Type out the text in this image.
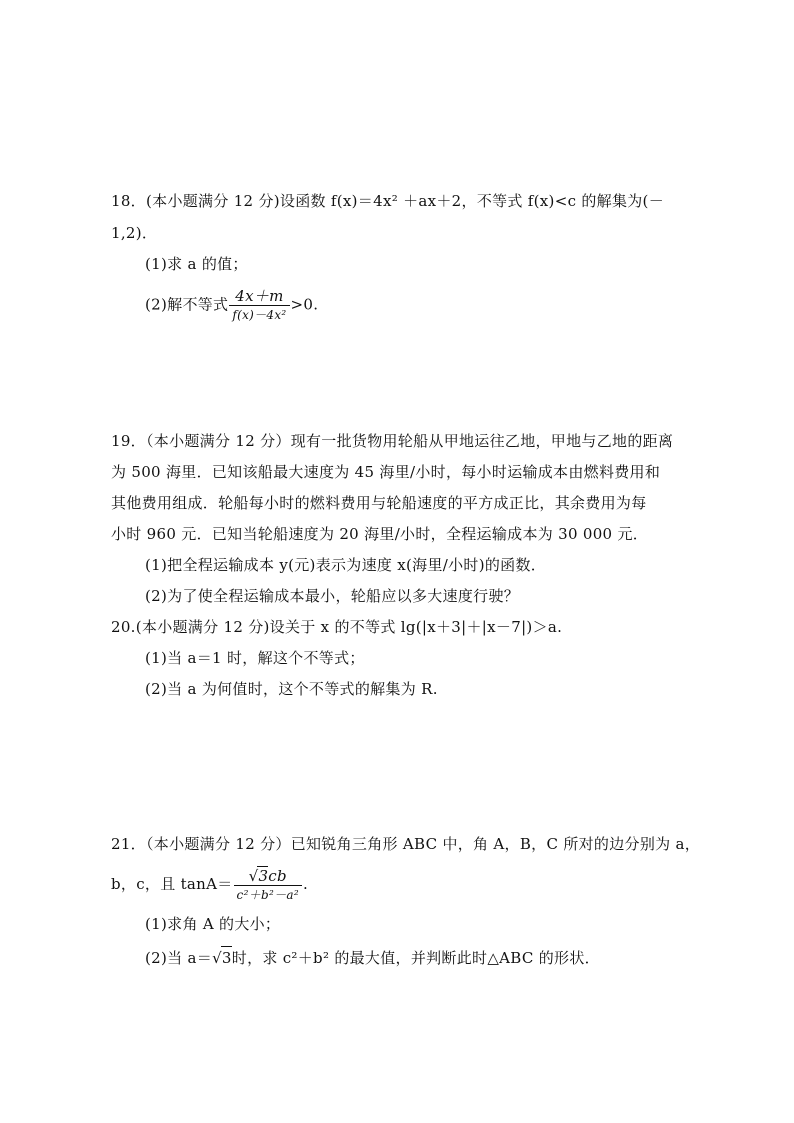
18．(本小题满分 12 分)设函数 f(x)＝4x² ＋ax＋2，不等式 f(x)<c 的解集为(－
1,2)．
(1)求 a 的值；
(2)解不等式 $\frac{4x+m}{\text{f(x)－4x²}} >0$.
19．（本小题满分 12 分）现有一批货物用轮船从甲地运往乙地，甲地与乙地的距离
为 500 海里．已知该船最大速度为 45 海里/小时，每小时运输成本由燃料费用和
其他费用组成．轮船每小时的燃料费用与轮船速度的平方成正比，其余费用为每
小时 960 元．已知当轮船速度为 20 海里/小时，全程运输成本为 30 000 元．
(1)把全程运输成本 y(元)表示为速度 x(海里/小时)的函数．
(2)为了使全程运输成本最小，轮船应以多大速度行驶？
20.(本小题满分 12 分)设关于 x 的不等式 lg(|x＋3|＋|x－7|)＞a.
(1)当 a＝1 时，解这个不等式；
(2)当 a 为何值时，这个不等式的解集为 R.
21．（本小题满分 12 分）已知锐角三角形 ABC 中，角 A，B，C 所对的边分别为 a，
b，c，且 $\tan A= \frac{√3cb}{\text{c²＋b²－a²}}$ .
(1)求角 A 的大小；
(2)当 a＝√3时，求 c²＋b² 的最大值，并判断此时△ABC 的形状．
